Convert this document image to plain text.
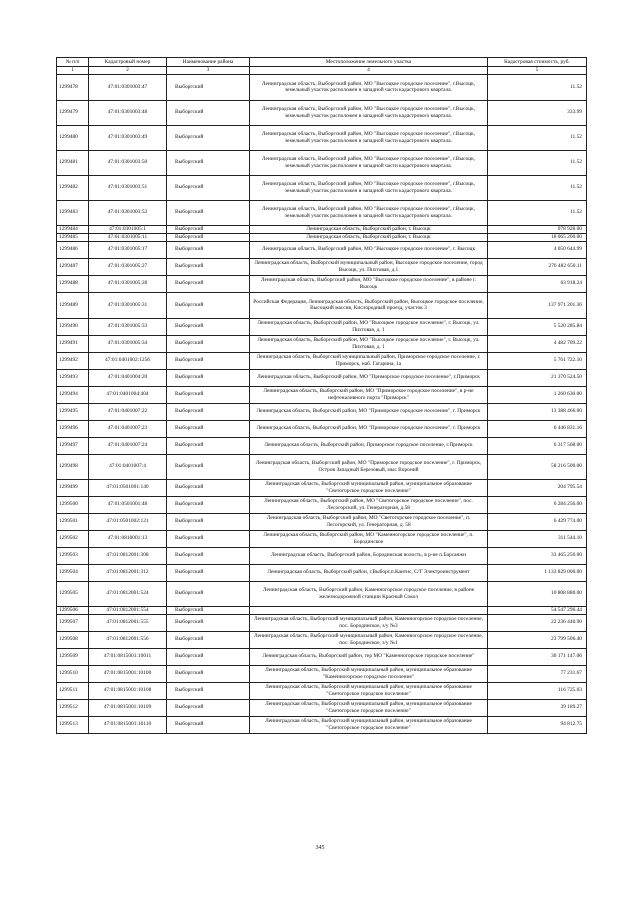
№ п/п	Кадастровый номер	Наименование района	Местоположение земельного участка	Кадастровая стоимость, руб.
1	2	3	4	5
1299478	47:01:0301003:47	Выборгский	Ленинградская область, Выборгский район, МО "Высоцкое городское поселение", г.Высоцк, земельный участок расположен в западной части кадастрового квартала.	11.52
1299479	47:01:0301003:48	Выборгский	Ленинградская область, Выборгский район, МО "Высоцкое городское поселение", г.Высоцк, земельный участок расположен в западной части кадастрового квартала.	333.99
1299480	47:01:0301003:49	Выборгский	Ленинградская область, Выборгский район, МО "Высоцкое городское поселение", г.Высоцк, земельный участок расположен в западной части кадастрового квартала.	11.52
1299481	47:01:0301003:50	Выборгский	Ленинградская область, Выборгский район, МО "Высоцкое городское поселение", г.Высоцк, земельный участок расположен в западной части кадастрового квартала.	11.52
1299482	47:01:0301003:51	Выборгский	Ленинградская область, Выборгский район, МО "Высоцкое городское поселение", г.Высоцк, земельный участок расположен в западной части кадастрового квартала.	11.52
1299483	47:01:0301003:52	Выборгский	Ленинградская область, Выборгский район, МО "Высоцкое городское поселение", г.Высоцк, земельный участок расположен в западной части кадастрового квартала.	11.52
1299484	47:01:0301005:1	Выборгский	Ленинградская область, Выборгский район, г. Высоцк	978 928.00
1299485	47:01:0301005:11	Выборгский	Ленинградская область, Выборгский район, г. Высоцк	18 065 200.00
1299486	47:01:0301005:17	Выборгский	Ленинградская область, Выборгский район, МО "Высоцкое городское поселение", г. Высоцк	4 050 644.99
1299487	47:01:0301005:27	Выборгский	Ленинградская область, Выборгский муниципальный район, Высоцкое городское поселение, город Высоцк, ул. Пихтовая, д.1	276 482 650.11
1299488	47:01:0301005:28	Выборгский	Ленинградская область, Выборгский район, МО "Высоцкое городское поселение", в районе г. Высоцк	63 918.24
1299489	47:01:0301005:31	Выборгский	Российская Федерация, Ленинградская область, Выборгский район, Высоцкое городское поселение, Высоцкий массив, Кислородный проезд, участок 3	137 971 201.36
1299490	47:01:0301005:33	Выборгский	Ленинградская область, Выборгский район, МО "Высоцкое городское поселение", г. Высоцк, ул. Пихтовая, д. 1	5 520 285.84
1299491	47:01:0301005:34	Выборгский	Ленинградская область, Выборгский район, МО "Высоцкое городское поселение", г. Высоцк, ул. Пихтовая, д. 1	4 482 709.22
1299492	47:01:0401002:1256	Выборгский	Ленинградская область, Выборгский муниципальный район, Приморское городское поселение, г. Приморск, наб. Гагарина, 1а	5 761 722.10
1299493	47:01:0401004:20	Выборгский	Ленинградская область, Выборгский район, МО "Приморское городское поселение", г.Приморск	21 370 524.50
1299494	47:01:0401004:404	Выборгский	Ленинградская область, Выборгский район, МО "Приморское городское поселение", в р-не нефтеналивного порта "Приморск"	1 260 630.00
1299495	47:01:0401007:22	Выборгский	Ленинградская область, Выборгский район, МО "Приморское городское поселение", г. Приморск	13 388 466.00
1299496	47:01:0401007:23	Выборгский	Ленинградская область, Выборгский район, МО "Приморское городское поселение", г. Приморск	6 446 831.16
1299497	47:01:0401007:24	Выборгский	Ленинградская область, Выборгский район, Приморское городское поселение, г.Приморск	6 317 568.00
1299498	47:01:0401007:4	Выборгский	Ленинградская область, Выборгский район, МО "Приморское городское поселение", г. Приморск, Остров Западный Березовый, мыс Вороний	58 216 500.00
1299499	47:01:0501001:140	Выборгский	Ленинградская область, Выборгский муниципальный район, муниципальное образование "Светогорское городское поселение"	204 795.54
1299500	47:01:0501001:48	Выборгский	Ленинградская область, Выборгский район, МО "Светогорское городское поселение", пос. Лесогорский, ул. Генераторная, д.58	6 284 256.00
1299501	47:01:0501002:121	Выборгский	Ленинградская область, Выборгский район, МО "Светогорское городское поселение", п. Лесогорский, ул. Генераторная, д. 58	6 429 774.00
1299502	47:01:0810001:13	Выборгский	Ленинградская область, Выборгский район, МО "Каменногорское городское поселение", п. Бородинское	311 544.10
1299503	47:01:0812001:308	Выборгский	Ленинградская область, Выборгский район, Бородинская волость, в р-не п.Барсанжи	33 465 250.00
1299504	47:01:0812001:312	Выборгский	Ленинградская область, Выборгский район, г.Выборг,п.Кантис, С/Т Электроинструмент	1 133 829 000.00
1299505	47:01:0812001:524	Выборгский	Ленинградская область, Выборгский район, Каменногорское городское поселение, в районе железнодорожной станции Красный Сокол	10 808 880.00
1299506	47:01:0812001:554	Выборгский		54 547 296.44
1299507	47:01:0812001:555	Выборгский	Ленинградская область, Выборгский муниципальный район, Каменногорское городское поселение, пос. Бородинское, з/у №3	22 236 440.90
1299508	47:01:0812001:556	Выборгский	Ленинградская область, Выборгский муниципальный район, Каменногорское городское поселение, пос. Бородинское, з/у №1	23 799 506.40
1299509	47:01:0815001:10011	Выборгский	Ленинградская область, Выборгский район, тер МО "Каменногорское городское поселение"	30 171 147.06
1299510	47:01:0815001:10100	Выборгский	Ленинградская область, Выборгский муниципальный район, муниципальное образование "Каменногорское городское поселение"	77 231.67
1299511	47:01:0815001:10108	Выборгский	Ленинградская область, Выборгский муниципальный район, муниципальное образование "Светогорское городское поселение"	116 725.03
1299512	47:01:0815001:10109	Выборгский	Ленинградская область, Выборгский муниципальный район, муниципальное образование "Светогорское городское поселение"	39 189.27
1299513	47:01:0815001:10110	Выборгский	Ленинградская область, Выборгский муниципальный район, муниципальное образование "Светогорское городское поселение"	94 812.75
345
